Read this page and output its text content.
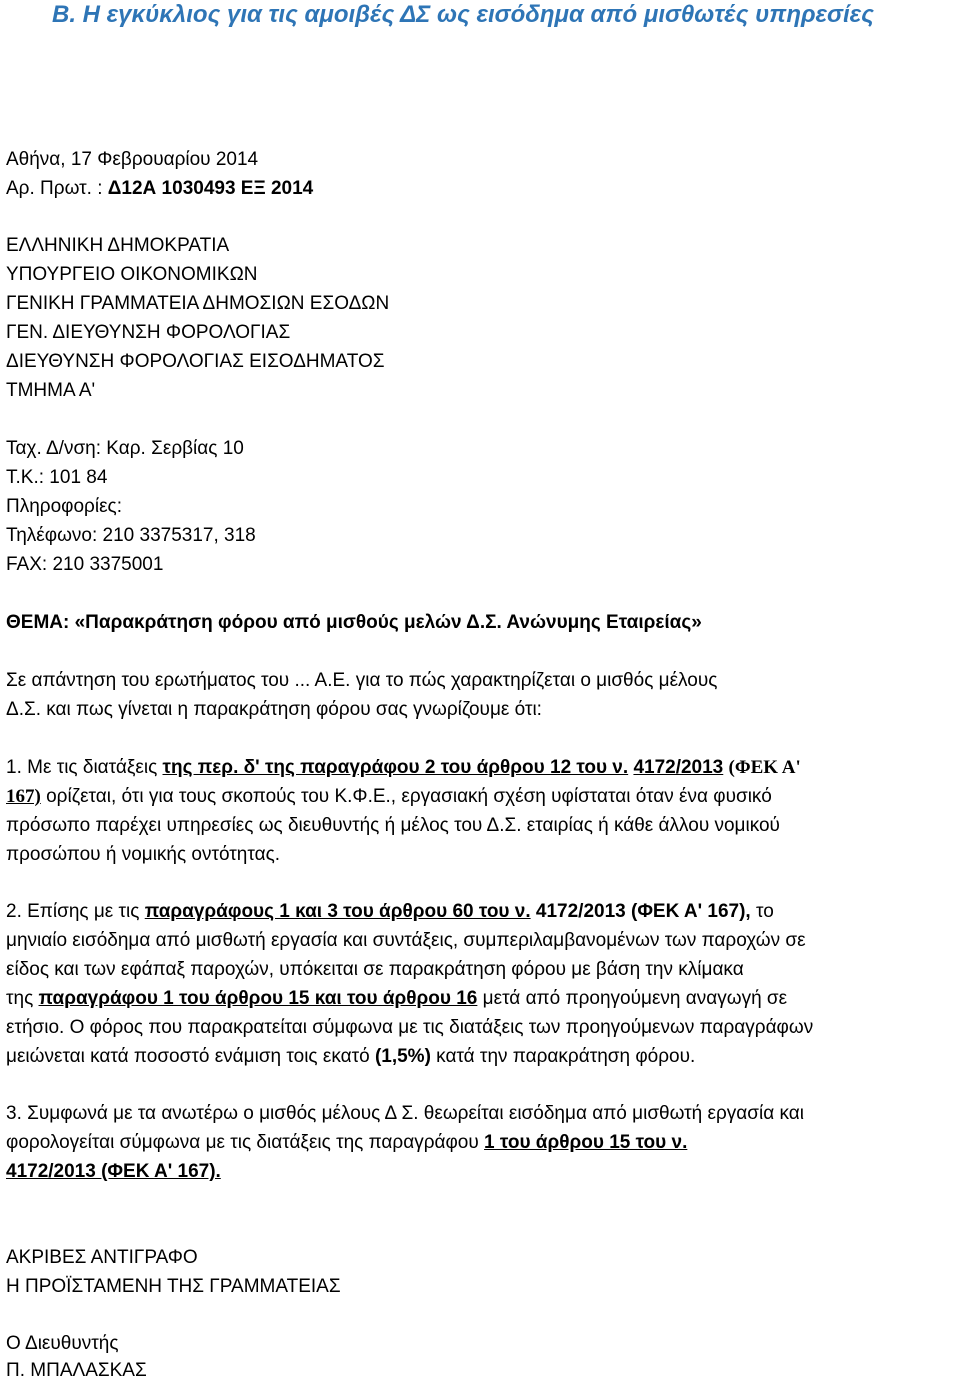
Β. Η εγκύκλιος για τις αμοιβές ΔΣ ως εισόδημα από μισθωτές υπηρεσίες
Αθήνα, 17 Φεβρουαρίου 2014
Αρ. Πρωτ. : Δ12Α 1030493 ΕΞ 2014
ΕΛΛΗΝΙΚΗ ΔΗΜΟΚΡΑΤΙΑ
ΥΠΟΥΡΓΕΙΟ ΟΙΚΟΝΟΜΙΚΩΝ
ΓΕΝΙΚΗ ΓΡΑΜΜΑΤΕΙΑ ΔΗΜΟΣΙΩΝ ΕΣΟΔΩΝ
ΓΕΝ. ΔΙΕΥΘΥΝΣΗ ΦΟΡΟΛΟΓΙΑΣ
ΔΙΕΥΘΥΝΣΗ ΦΟΡΟΛΟΓΙΑΣ ΕΙΣΟΔΗΜΑΤΟΣ
ΤΜΗΜΑ Α'
Ταχ. Δ/νση: Καρ. Σερβίας 10
Τ.Κ.: 101 84
Πληροφορίες:
Τηλέφωνο: 210 3375317, 318
FAX: 210 3375001
ΘΕΜΑ: «Παρακράτηση φόρου από μισθούς μελών Δ.Σ. Ανώνυμης Εταιρείας»
Σε απάντηση του ερωτήματος του ... Α.Ε. για το πώς χαρακτηρίζεται ο μισθός μέλους
Δ.Σ. και πως γίνεται η παρακράτηση φόρου σας γνωρίζουμε ότι:
1. Με τις διατάξεις της περ. δ' της παραγράφου 2 του άρθρου 12 του ν. 4172/2013 (ΦΕΚ Α'
167) ορίζεται, ότι για τους σκοπούς του Κ.Φ.Ε., εργασιακή σχέση υφίσταται όταν ένα φυσικό
πρόσωπο παρέχει υπηρεσίες ως διευθυντής ή μέλος του Δ.Σ. εταιρίας ή κάθε άλλου νομικού
προσώπου ή νομικής οντότητας.
2. Επίσης με τις παραγράφους 1 και 3 του άρθρου 60 του ν. 4172/2013 (ΦΕΚ Α' 167), το
μηνιαίο εισόδημα από μισθωτή εργασία και συντάξεις, συμπεριλαμβανομένων των παροχών σε
είδος και των εφάπαξ παροχών, υπόκειται σε παρακράτηση φόρου με βάση την κλίμακα
της παραγράφου 1 του άρθρου 15 και του άρθρου 16 μετά από προηγούμενη αναγωγή σε
ετήσιο. Ο φόρος που παρακρατείται σύμφωνα με τις διατάξεις των προηγούμενων παραγράφων
μειώνεται κατά ποσοστό ενάμιση τοις εκατό (1,5%) κατά την παρακράτηση φόρου.
3. Συμφωνά με τα ανωτέρω ο μισθός μέλους Δ Σ. θεωρείται εισόδημα από μισθωτή εργασία και
φορολογείται σύμφωνα με τις διατάξεις της παραγράφου 1 του άρθρου 15 του ν.
4172/2013 (ΦΕΚ Α' 167).
ΑΚΡΙΒΕΣ ΑΝΤΙΓΡΑΦΟ
Η ΠΡΟΪΣΤΑΜΕΝΗ ΤΗΣ ΓΡΑΜΜΑΤΕΙΑΣ
Ο Διευθυντής
Π. ΜΠΑΛΑΣΚΑΣ
